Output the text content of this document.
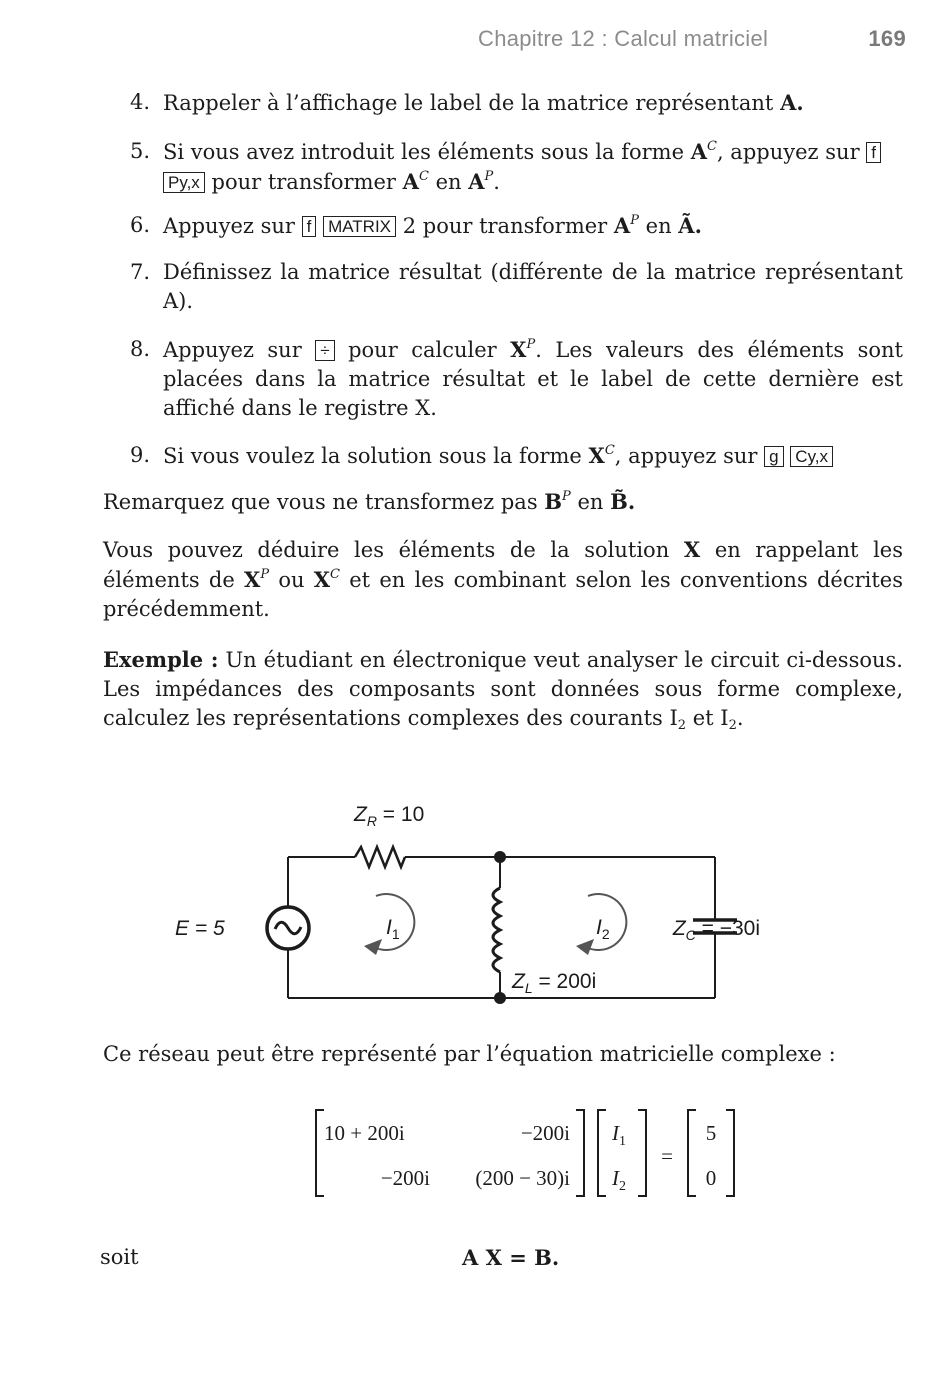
Chapitre 12 : Calcul matriciel	169
4. Rappeler à l’affichage le label de la matrice représentant A.
5. Si vous avez introduit les éléments sous la forme $A^C$, appuyez sur f
Py,x pour transformer $A^C$ en $A^P$.
6. Appuyez sur f MATRIX 2 pour transformer $A^P$ en Ã.
7. Définissez la matrice résultat (différente de la matrice représentant A).
8. Appuyez sur ÷ pour calculer $X^P$. Les valeurs des éléments sont placées dans la matrice résultat et le label de cette dernière est affiché dans le registre X.
9. Si vous voulez la solution sous la forme $X^C$, appuyez sur g Cy,x
Remarquez que vous ne transformez pas $B^P$ en B̃.
Vous pouvez déduire les éléments de la solution X en rappelant les éléments de $X^P$ ou $X^C$ et en les combinant selon les conventions décrites précédemment.
Exemple : Un étudiant en électronique veut analyser le circuit ci-dessous. Les impédances des composants sont données sous forme complexe, calculez les représentations complexes des courants $I_2$ et $I_2$.
$Z_R = 10$
E = 5	$I_1$	$I_2$
$Z_L = 200i$
$Z_C = -30i$
Ce réseau peut être représenté par l’équation matricielle complexe :
10 + 200i	−200i
−200i (200 − 30)i
$I_1$
$I_2$
=
5
0
soit	A X = B.
